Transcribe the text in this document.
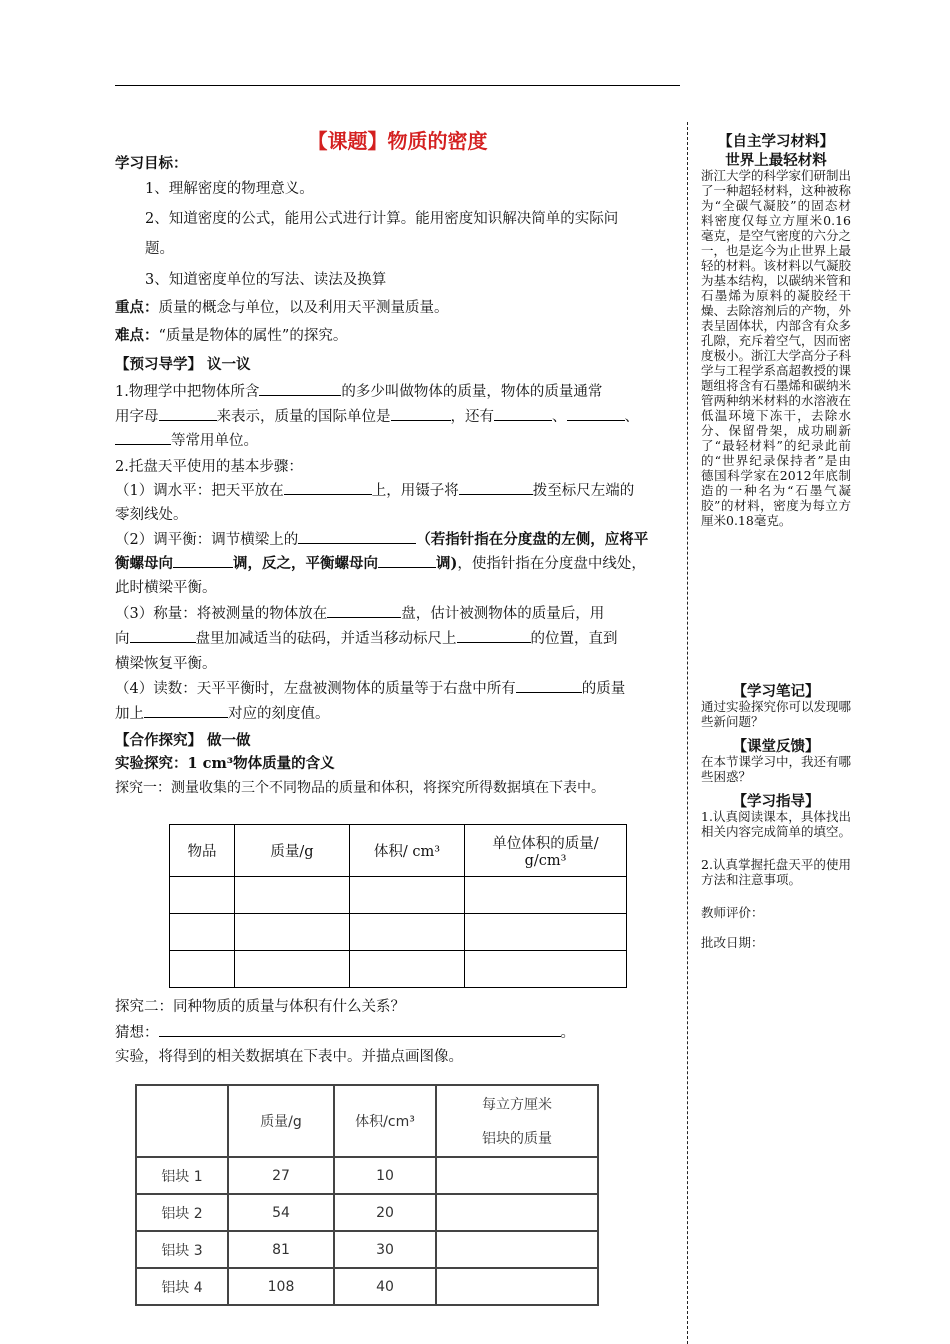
【课题】物质的密度
学习目标：
1、理解密度的物理意义。
2、知道密度的公式，能用公式进行计算。能用密度知识解决简单的实际问
题。
3、知道密度单位的写法、读法及换算
重点：质量的概念与单位，以及利用天平测量质量。
难点：“质量是物体的属性”的探究。
【预习导学】 议一议
1.物理学中把物体所含	的多少叫做物体的质量，物体的质量通常
用字母	来表示，质量的国际单位是	，还有	、	、
等常用单位。
2.托盘天平使用的基本步骤：
（1）调水平：把天平放在	上，用镊子将	拨至标尺左端的
零刻线处。
（2）调平衡：调节横梁上的	（若指针指在分度盘的左侧，应将平
衡螺母向	调，反之，平衡螺母向	调)，使指针指在分度盘中线处，
此时横梁平衡。
（3）称量：将被测量的物体放在	盘，估计被测物体的质量后，用
向	盘里加减适当的砝码，并适当移动标尺上	的位置，直到
横梁恢复平衡。
（4）读数：天平平衡时，左盘被测物体的质量等于右盘中所有	的质量
加上	对应的刻度值。
【合作探究】 做一做
实验探究：1 cm³物体质量的含义
探究一：测量收集的三个不同物品的质量和体积，将探究所得数据填在下表中。
物品	质量/g	体积/ cm³	单位体积的质量/
g/cm³

探究二：同种物质的质量与体积有什么关系？
猜想：	。
实验，将得到的相关数据填在下表中。并描点画图像。
	质量/g	体积/cm³	每立方厘米
铝块的质量

铝块 1	27	10	
铝块 2	54	20	
铝块 3	81	30	
铝块 4	108	40	
【自主学习材料】
世界上最轻材料
浙江大学的科学家们研制出了一种超轻材料，这种被称为“全碳气凝胶”的固态材料密度仅每立方厘米0.16毫克，是空气密度的六分之一，也是迄今为止世界上最轻的材料。该材料以气凝胶为基本结构，以碳纳米管和石墨烯为原料的凝胶经干燥、去除溶剂后的产物，外表呈固体状，内部含有众多孔隙，充斥着空气，因而密度极小。浙江大学高分子科学与工程学系高超教授的课题组将含有石墨烯和碳纳米管两种纳米材料的水溶液在低温环境下冻干，去除水分、保留骨架，成功刷新了“最轻材料”的纪录此前的“世界纪录保持者”是由德国科学家在2012年底制造的一种名为“石墨气凝胶”的材料，密度为每立方厘米0.18毫克。
【学习笔记】
通过实验探究你可以发现哪些新问题？
【课堂反馈】
在本节课学习中，我还有哪些困惑？
【学习指导】
1.认真阅读课本，具体找出相关内容完成简单的填空。
2.认真掌握托盘天平的使用方法和注意事项。
教师评价：
批改日期：
